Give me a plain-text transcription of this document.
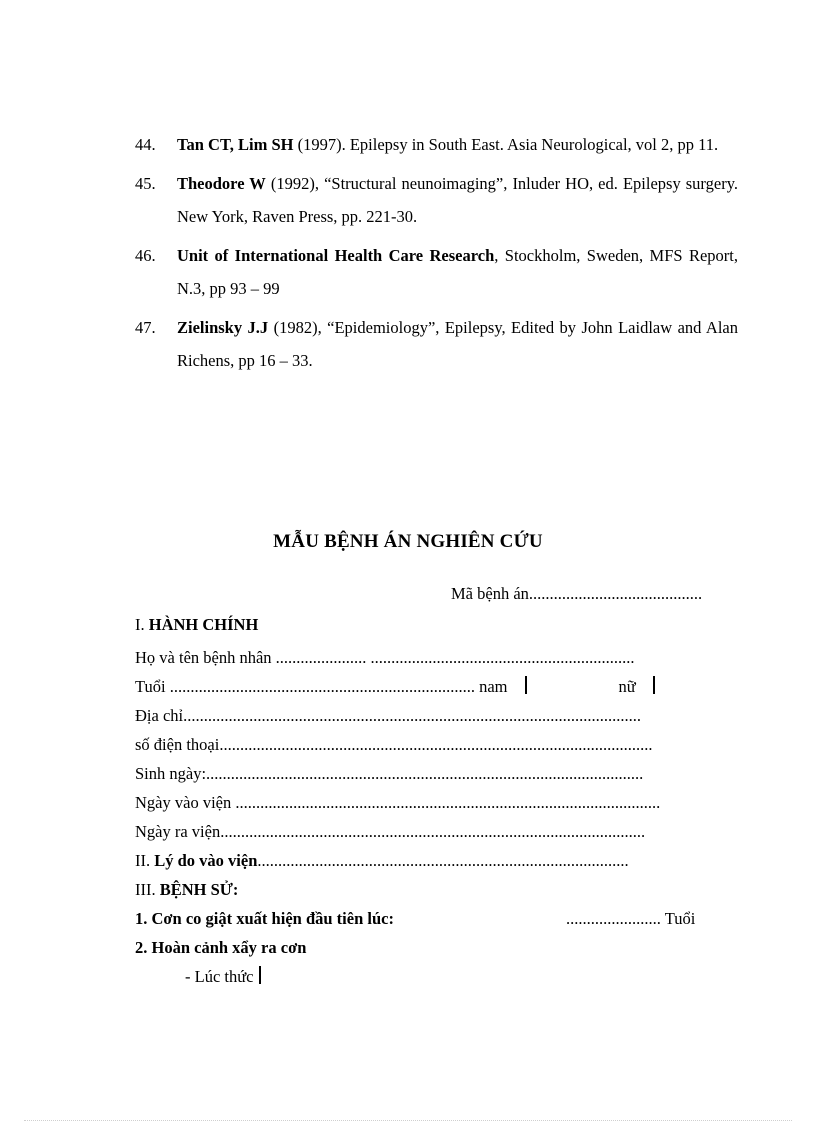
44.	Tan CT, Lim SH (1997). Epilepsy in South East. Asia Neurological, vol 2, pp 11.
45.	Theodore W (1992), “Structural neunoimaging”, Inluder HO, ed. Epilepsy surgery. New York, Raven Press, pp. 221-30.
46.	Unit of International Health Care Research, Stockholm, Sweden, MFS Report, N.3, pp 93 – 99
47.	Zielinsky J.J (1982), “Epidemiology”, Epilepsy, Edited by John Laidlaw and Alan Richens, pp 16 – 33.
MẪU BỆNH ÁN NGHIÊN CỨU
Mã bệnh án..........................................
I. HÀNH CHÍNH
Họ và tên bệnh nhân ...................... ................................................................
Tuổi .......................................................................... nam	nữ
Địa chỉ...............................................................................................................
số điện thoại.........................................................................................................
Sinh ngày:..........................................................................................................
Ngày vào viện .......................................................................................................
Ngày ra viện.......................................................................................................
II. Lý do vào viện..........................................................................................
III. BỆNH SỬ:
1. Cơn co giật xuất hiện đầu tiên lúc:	....................... Tuổi
2. Hoàn cảnh xẩy ra cơn
- Lúc thức
